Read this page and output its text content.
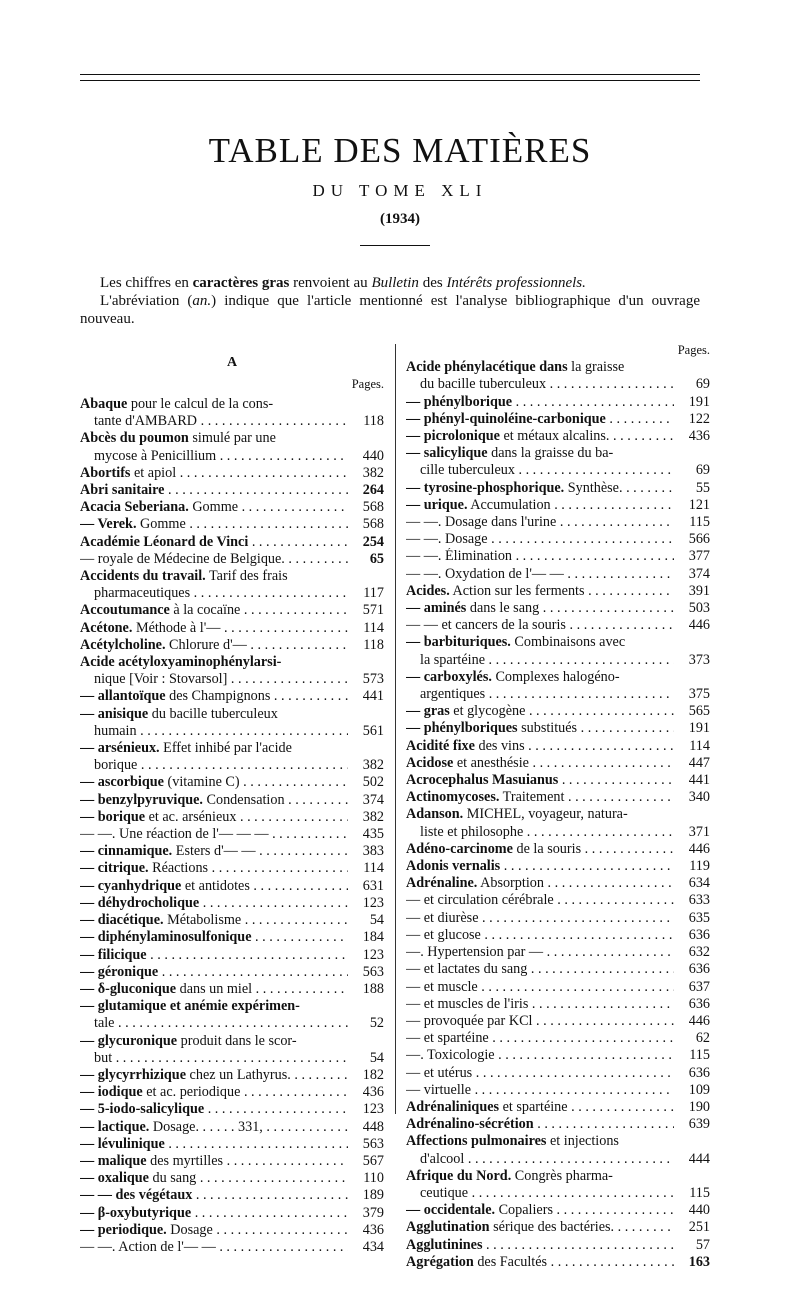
TABLE DES MATIÈRES
DU TOME XLI
(1934)

Les chiffres en caractères gras renvoient au Bulletin des Intérêts professionnels.

L'abréviation (an.) indique que l'article mentionné est l'analyse bibliographique d'un ouvrage nouveau.

A
Pages.
Abaque pour le calcul de la cons-
tante d'AMBARD . . .	118
Abcès du poumon simulé par une
mycose à Penicillium . . .	440
Abortifs et apiol . . .	382
Abri sanitaire . . .	264
Acacia Seberiana. Gomme . . .	568
— Verek. Gomme . . .	568
Académie Léonard de Vinci . . .	254
— royale de Médecine de Belgique. . . .	65
Accidents du travail. Tarif des frais
pharmaceutiques . . .	117
Accoutumance à la cocaïne . . .	571
Acétone. Méthode à l'— . . .	114
Acétylcholine. Chlorure d'— . . .	118
Acide acétyloxyaminophénylarsi-
nique [Voir : Stovarsol] . . .	573
— allantoïque des Champignons . . .	441
— anisique du bacille tuberculeux
humain . . .	561
— arsénieux. Effet inhibé par l'acide
borique . . .	382
— ascorbique (vitamine C) . . .	502
— benzylpyruvique. Condensation . . .	374
— borique et ac. arsénieux . . .	382
— —. Une réaction de l'— — — . . .	435
— cinnamique. Esters d'— — . . .	383
— citrique. Réactions . . .	114
— cyanhydrique et antidotes . . .	631
— déhydrocholique . . .	123
— diacétique. Métabolisme . . .	54
— diphénylaminosulfonique . . .	184
— filicique . . .	123
— géronique . . .	563
— δ-gluconique dans un miel . . .	188
— glutamique et anémie expérimen-
tale . . .	52
— glycuronique produit dans le scor-
but . . .	54
— glycyrrhizique chez un Lathyrus. . . .	182
— iodique et ac. periodique . . .	436
— 5-iodo-salicylique . . .	123
— lactique. Dosage. . . . . . 331, . . .	448
— lévulinique . . .	563
— malique des myrtilles . . .	567
— oxalique du sang . . .	110
— — des végétaux . . .	189
— β-oxybutyrique . . .	379
— periodique. Dosage . . .	436
— —. Action de l'— — . . .	434
Pages.
Acide phénylacétique dans la graisse
du bacille tuberculeux . . .	69
— phénylborique . . .	191
— phényl-quinoléine-carbonique . . .	122
— picrolonique et métaux alcalins. . . .	436
— salicylique dans la graisse du ba-
cille tuberculeux . . .	69
— tyrosine-phosphorique. Synthèse. . . .	55
— urique. Accumulation . . .	121
— —. Dosage dans l'urine . . .	115
— —. Dosage . . .	566
— —. Élimination . . .	377
— —. Oxydation de l'— — . . .	374
Acides. Action sur les ferments . . .	391
— aminés dans le sang . . .	503
— — et cancers de la souris . . .	446
— barbituriques. Combinaisons avec
la spartéine . . .	373
— carboxylés. Complexes halogéno-
argentiques . . .	375
— gras et glycogène . . .	565
— phénylboriques substitués . . .	191
Acidité fixe des vins . . .	114
Acidose et anesthésie . . .	447
Acrocephalus Masuianus . . .	441
Actinomycoses. Traitement . . .	340
Adanson. MICHEL, voyageur, natura-
liste et philosophe . . .	371
Adéno-carcinome de la souris . . .	446
Adonis vernalis . . .	119
Adrénaline. Absorption . . .	634
— et circulation cérébrale . . .	633
— et diurèse . . .	635
— et glucose . . .	636
—. Hypertension par — . . .	632
— et lactates du sang . . .	636
— et muscle . . .	637
— et muscles de l'iris . . .	636
— provoquée par KCl . . .	446
— et spartéine . . .	62
—. Toxicologie . . .	115
— et utérus . . .	636
— virtuelle . . .	109
Adrénaliniques et spartéine . . .	190
Adrénalino-sécrétion . . .	639
Affections pulmonaires et injections
d'alcool . . .	444
Afrique du Nord. Congrès pharma-
ceutique . . .	115
— occidentale. Copaliers . . .	440
Agglutination sérique des bactéries. . . .	251
Agglutinines . . .	57
Agrégation des Facultés . . .	163
